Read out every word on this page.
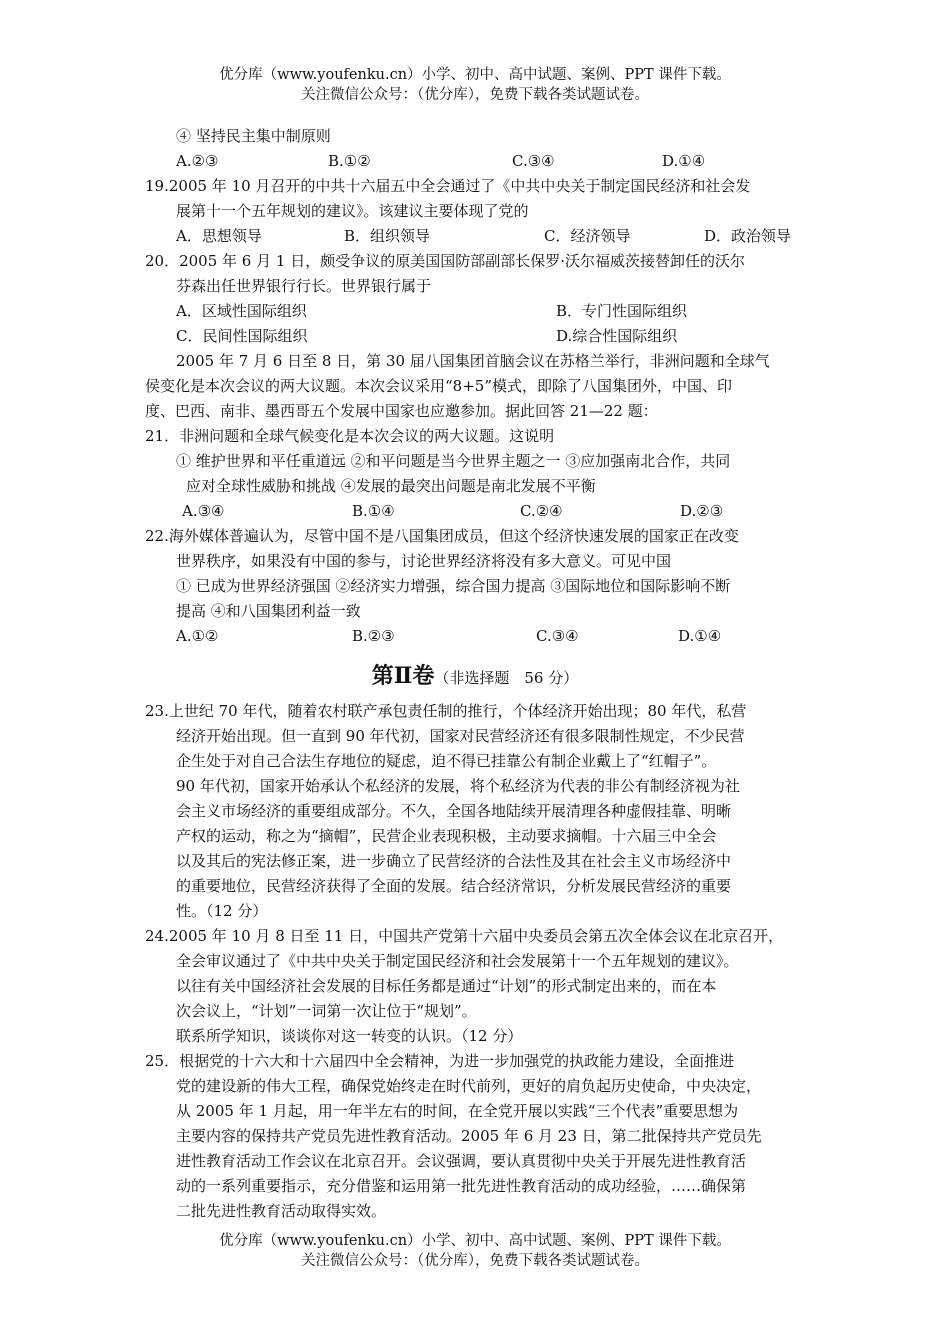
优分库（www.youfenku.cn）小学、初中、高中试题、案例、PPT 课件下载。
关注微信公众号：（优分库），免费下载各类试题试卷。
④ 坚持民主集中制原则
A.②③	B.①②	C.③④	D.①④
19.2005 年 10 月召开的中共十六届五中全会通过了《中共中央关于制定国民经济和社会发
展第十一个五年规划的建议》。该建议主要体现了党的
A．思想领导	B．组织领导	C．经济领导	D．政治领导
20．2005 年 6 月 1 日，颇受争议的原美国国防部副部长保罗·沃尔福威茨接替卸任的沃尔
芬森出任世界银行行长。世界银行属于
A．区域性国际组织	B．专门性国际组织
C．民间性国际组织	D.综合性国际组织
2005 年 7 月 6 日至 8 日，第 30 届八国集团首脑会议在苏格兰举行，非洲问题和全球气
侯变化是本次会议的两大议题。本次会议采用“8+5”模式，即除了八国集团外，中国、印
度、巴西、南非、墨西哥五个发展中国家也应邀参加。据此回答 21—22 题：
21．非洲问题和全球气候变化是本次会议的两大议题。这说明
① 维护世界和平任重道远 ②和平问题是当今世界主题之一 ③应加强南北合作，共同
应对全球性威胁和挑战 ④发展的最突出问题是南北发展不平衡
A.③④	B.①④	C.②④	D.②③
22.海外媒体普遍认为，尽管中国不是八国集团成员，但这个经济快速发展的国家正在改变
世界秩序，如果没有中国的参与，讨论世界经济将没有多大意义。可见中国
① 已成为世界经济强国 ②经济实力增强，综合国力提高 ③国际地位和国际影响不断
提高 ④和八国集团利益一致
A.①②	B.②③	C.③④	D.①④
第Ⅱ卷（非选择题　56 分）
23.上世纪 70 年代，随着农村联产承包责任制的推行，个体经济开始出现；80 年代，私营
经济开始出现。但一直到 90 年代初，国家对民营经济还有很多限制性规定，不少民营
企生处于对自己合法生存地位的疑虑，迫不得已挂靠公有制企业戴上了“红帽子”。
90 年代初，国家开始承认个私经济的发展，将个私经济为代表的非公有制经济视为社
会主义市场经济的重要组成部分。不久，全国各地陆续开展清理各种虚假挂靠、明晰
产权的运动，称之为“摘帽”，民营企业表现积极，主动要求摘帽。十六届三中全会
以及其后的宪法修正案，进一步确立了民营经济的合法性及其在社会主义市场经济中
的重要地位，民营经济获得了全面的发展。结合经济常识，分析发展民营经济的重要
性。（12 分）
24.2005 年 10 月 8 日至 11 日，中国共产党第十六届中央委员会第五次全体会议在北京召开，
全会审议通过了《中共中央关于制定国民经济和社会发展第十一个五年规划的建议》。
以往有关中国经济社会发展的目标任务都是通过“计划”的形式制定出来的，而在本
次会议上，“计划”一词第一次让位于“规划”。
联系所学知识，谈谈你对这一转变的认识。（12 分）
25．根据党的十六大和十六届四中全会精神，为进一步加强党的执政能力建设，全面推进
党的建设新的伟大工程，确保党始终走在时代前列，更好的肩负起历史使命，中央决定，
从 2005 年 1 月起，用一年半左右的时间，在全党开展以实践“三个代表”重要思想为
主要内容的保持共产党员先进性教育活动。2005 年 6 月 23 日，第二批保持共产党员先
进性教育活动工作会议在北京召开。会议强调，要认真贯彻中央关于开展先进性教育活
动的一系列重要指示，充分借鉴和运用第一批先进性教育活动的成功经验，……确保第
二批先进性教育活动取得实效。
优分库（www.youfenku.cn）小学、初中、高中试题、案例、PPT 课件下载。
关注微信公众号：（优分库），免费下载各类试题试卷。
